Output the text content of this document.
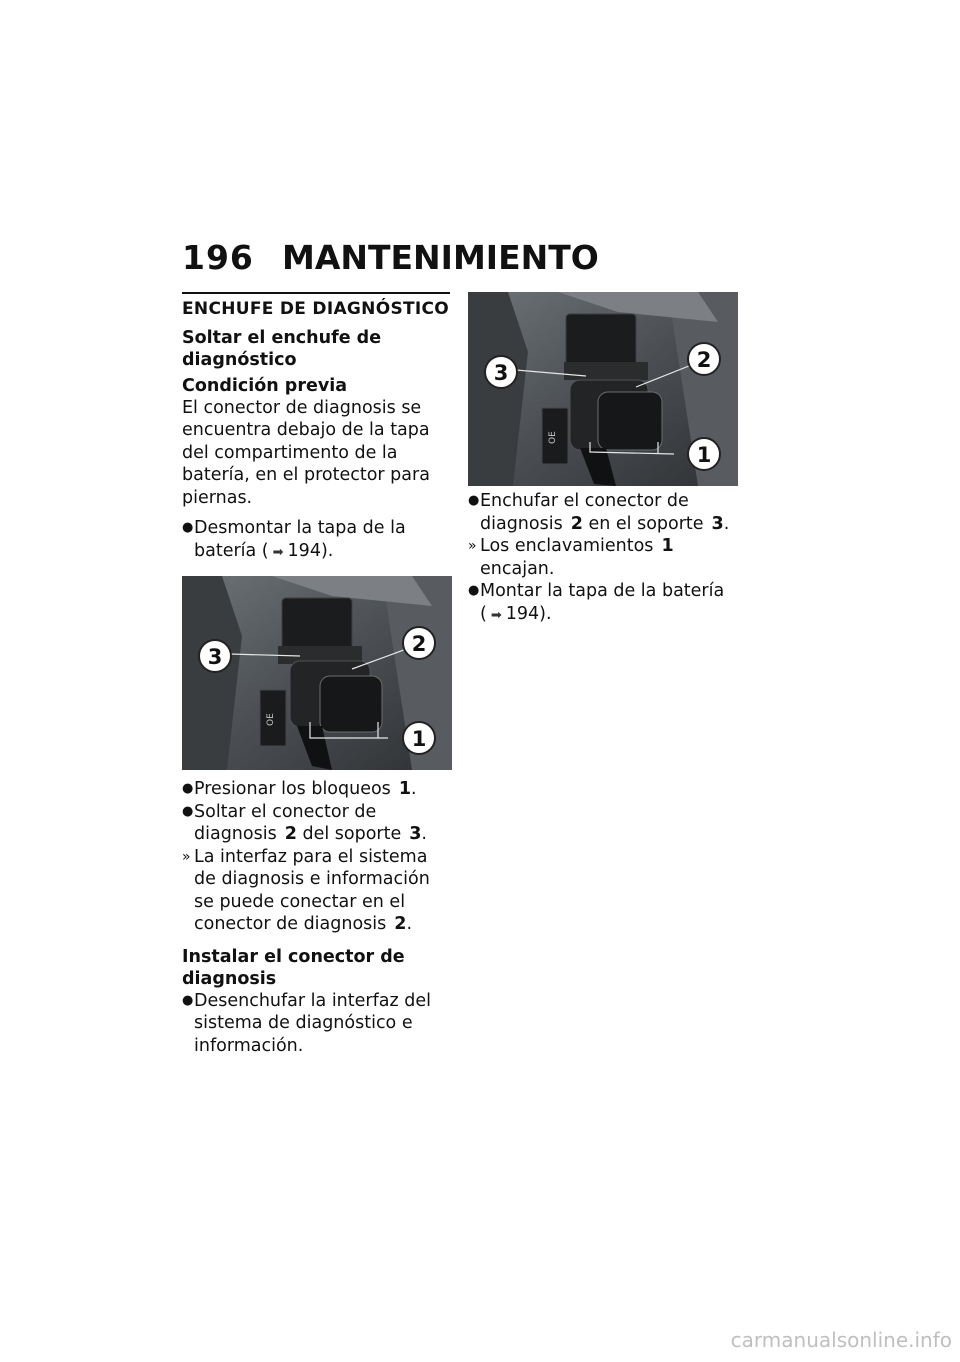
196 MANTENIMIENTO
ENCHUFE DE DIAGNÓSTICO
Soltar el enchufe de diagnóstico
Condición previa

El conector de diagnosis se encuentra debajo de la tapa del compartimento de la batería, en el protector para piernas.

● Desmontar la tapa de la batería ( ➡ 194).
ΟΕ
3
2
1
● Presionar los bloqueos 1.
● Soltar el conector de diagnosis 2 del soporte 3.
» La interfaz para el sistema de diagnosis e información se puede conectar en el conector de diagnosis 2.
Instalar el conector de diagnosis
● Desenchufar la interfaz del sistema de diagnóstico e información.
ΟΕ
3
2
1
● Enchufar el conector de diagnosis 2 en el soporte 3.
» Los enclavamientos 1 encajan.
● Montar la tapa de la batería ( ➡ 194).
carmanualsonline.info
